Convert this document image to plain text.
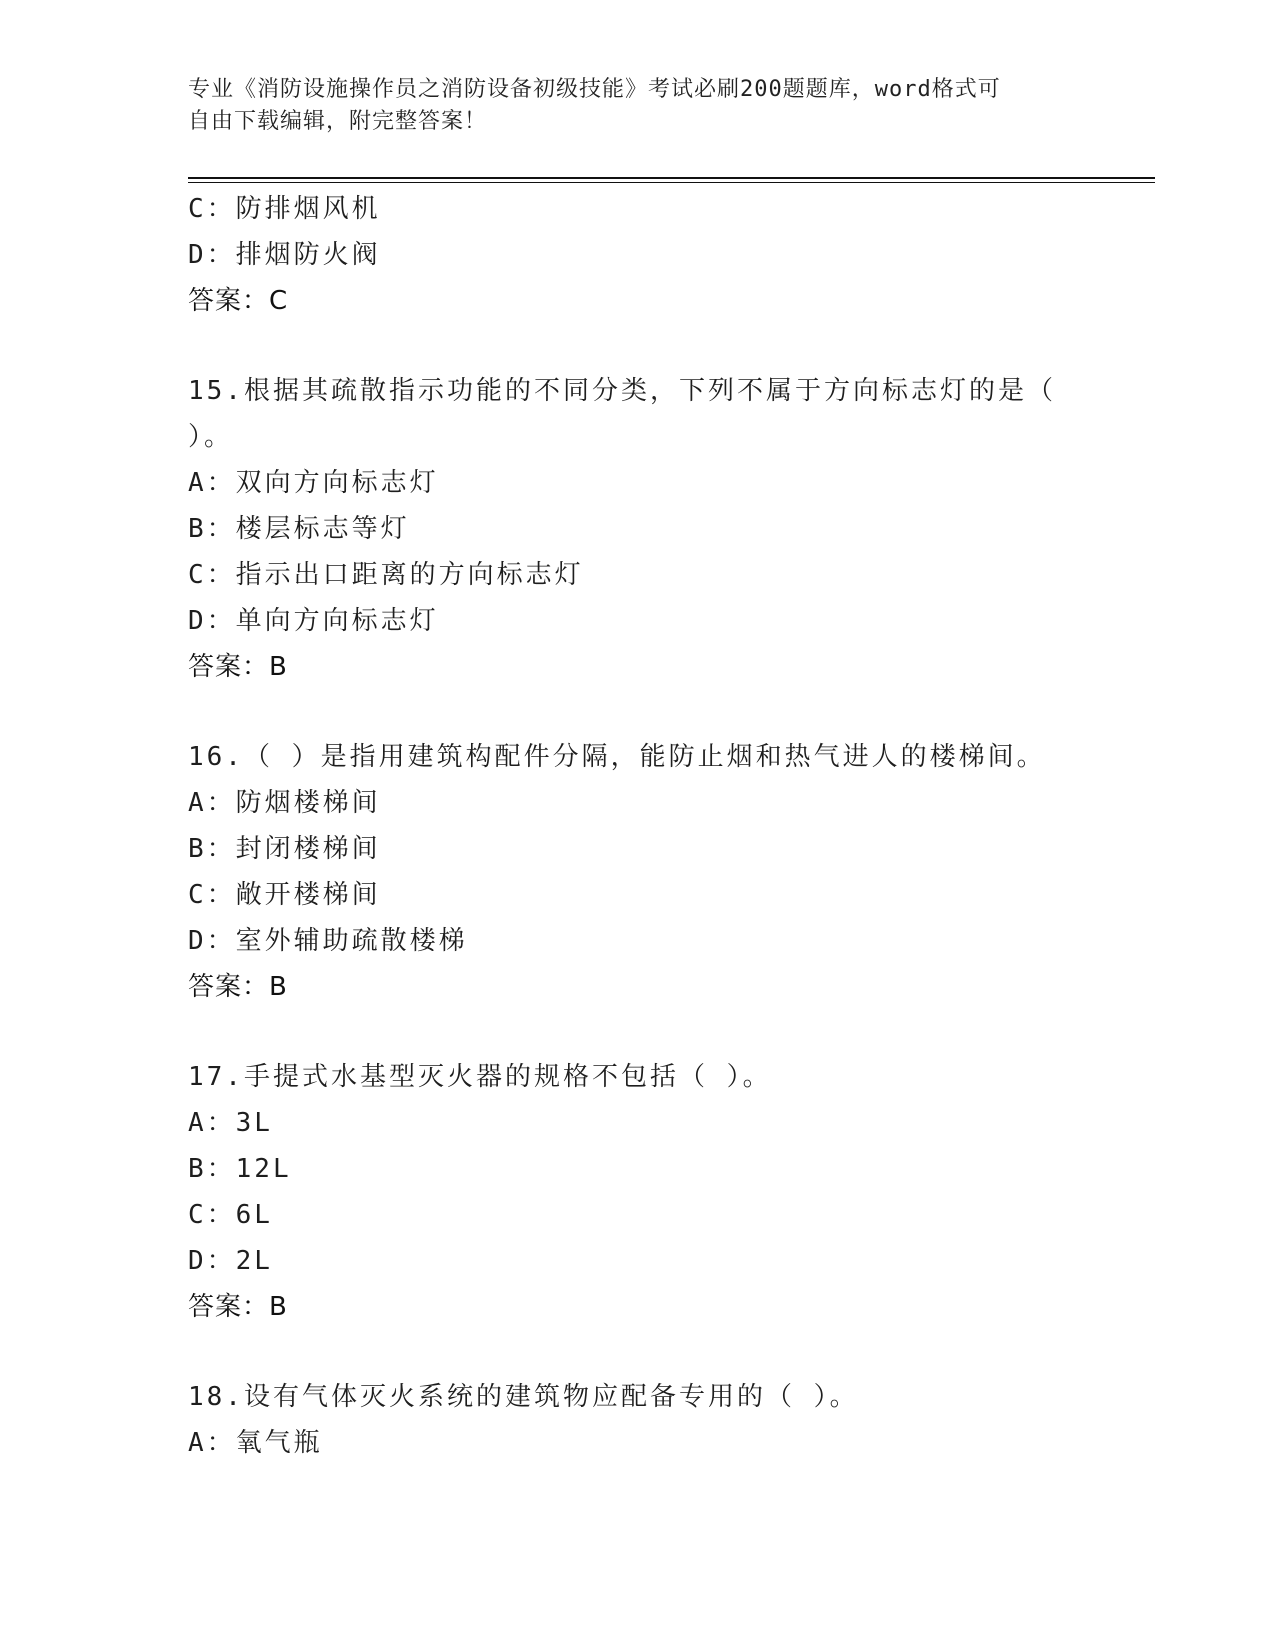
专业《消防设施操作员之消防设备初级技能》考试必刷200题题库，word格式可
自由下载编辑，附完整答案！
C：防排烟风机
D：排烟防火阀
答案：C
15.根据其疏散指示功能的不同分类，下列不属于方向标志灯的是（
）。
A：双向方向标志灯
B：楼层标志等灯
C：指示出口距离的方向标志灯
D：单向方向标志灯
答案：B
16.（ ）是指用建筑构配件分隔，能防止烟和热气进人的楼梯间。
A：防烟楼梯间
B：封闭楼梯间
C：敞开楼梯间
D：室外辅助疏散楼梯
答案：B
17.手提式水基型灭火器的规格不包括（ ）。
A：3L
B：12L
C：6L
D：2L
答案：B
18.设有气体灭火系统的建筑物应配备专用的（ ）。
A：氧气瓶
